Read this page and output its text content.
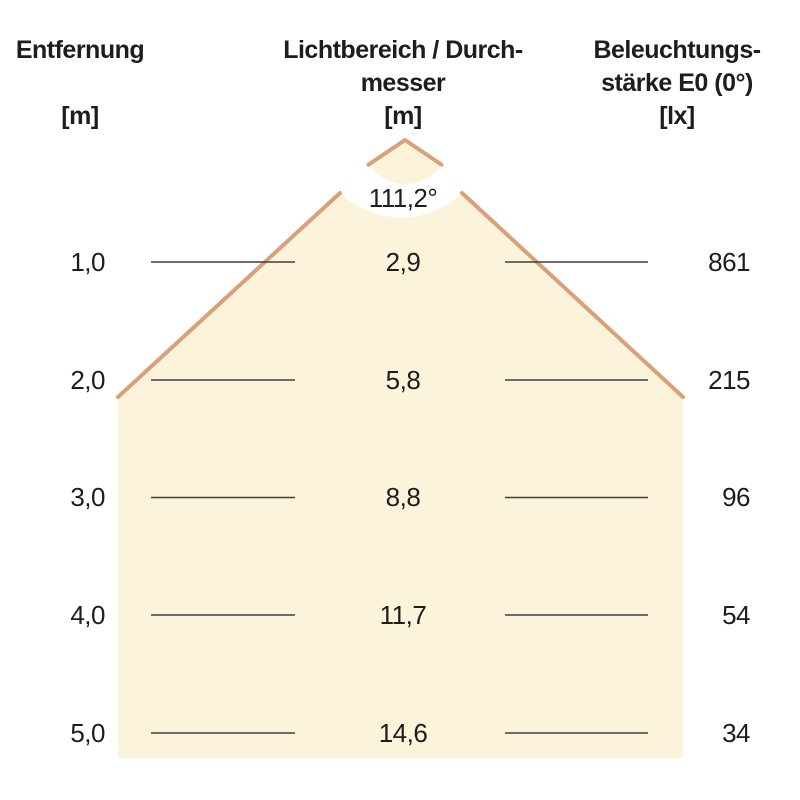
Entfernung
[m]
Lichtbereich / Durch-
messer
[m]
Beleuchtungs-
stärke E0 (0°)
[lx]
111,2°
1,0	2,9	861
2,0	5,8	215
3,0	8,8	96
4,0	11,7	54
5,0	14,6	34
